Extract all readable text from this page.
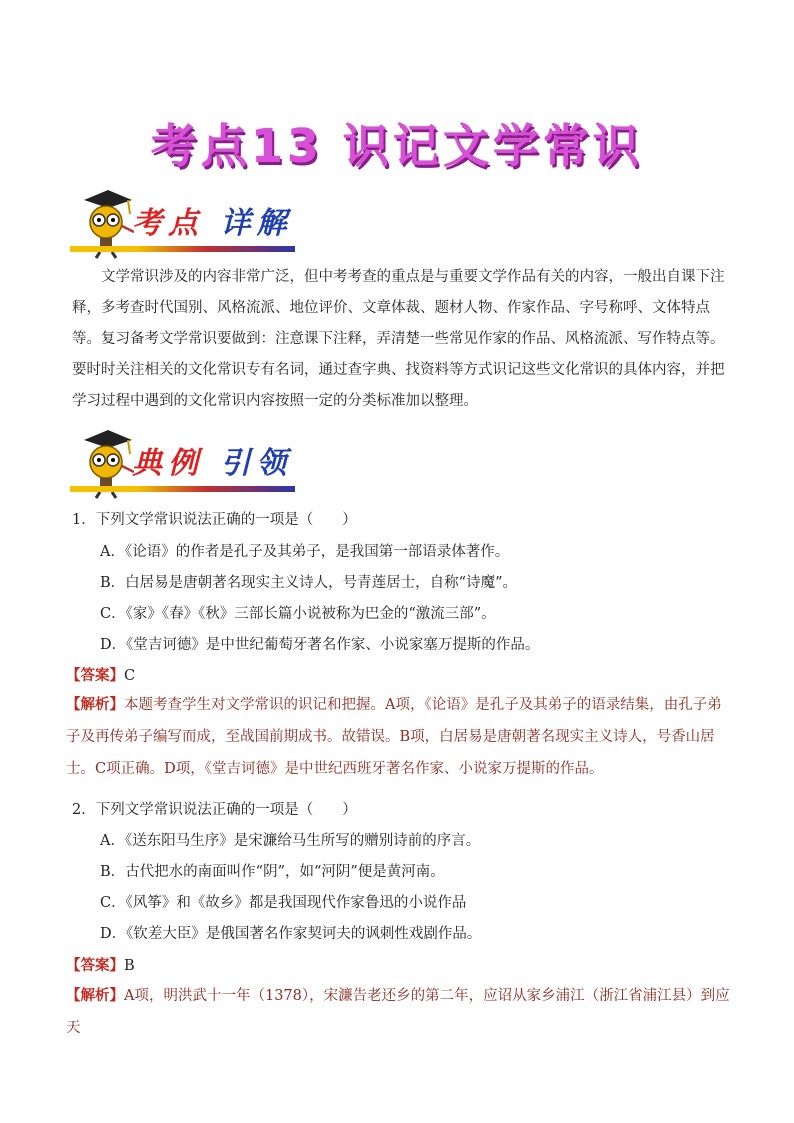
考点13 识记文学常识
考点 详解
文学常识涉及的内容非常广泛，但中考考查的重点是与重要文学作品有关的内容，一般出自课下注释，多考查时代国别、风格流派、地位评价、文章体裁、题材人物、作家作品、字号称呼、文体特点等。 复习备考文学常识要做到：注意课下注释，弄清楚一些常见作家的作品、风格流派、写作特点等。要时时关注相关的文化常识专有名词，通过查字典、找资料等方式识记这些文化常识的具体内容，并把学习过程中遇到的文化常识内容按照一定的分类标准加以整理。
典例 引领
1．下列文学常识说法正确的一项是（　　）
A．《论语》的作者是孔子及其弟子，是我国第一部语录体著作。
B．白居易是唐朝著名现实主义诗人，号青莲居士，自称“诗魔”。
C．《家》《春》《秋》三部长篇小说被称为巴金的“激流三部”。
D．《堂吉诃德》是中世纪葡萄牙著名作家、小说家塞万提斯的作品。
【答案】C
【解析】本题考查学生对文学常识的识记和把握。A项，《论语》是孔子及其弟子的语录结集，由孔子弟子及再传弟子编写而成，至战国前期成书。故错误。B项，白居易是唐朝著名现实主义诗人，号香山居士。C项正确。D项，《堂吉诃德》是中世纪西班牙著名作家、小说家万提斯的作品。
2．下列文学常识说法正确的一项是（　　）
A．《送东阳马生序》是宋濂给马生所写的赠别诗前的序言。
B．古代把水的南面叫作“阴”，如“河阴”便是黄河南。
C．《风筝》和《故乡》都是我国现代作家鲁迅的小说作品
D．《钦差大臣》是俄国著名作家契诃夫的讽刺性戏剧作品。
【答案】B
【解析】A项，明洪武十一年（1378），宋濂告老还乡的第二年，应诏从家乡浦江（浙江省浦江县）到应天
